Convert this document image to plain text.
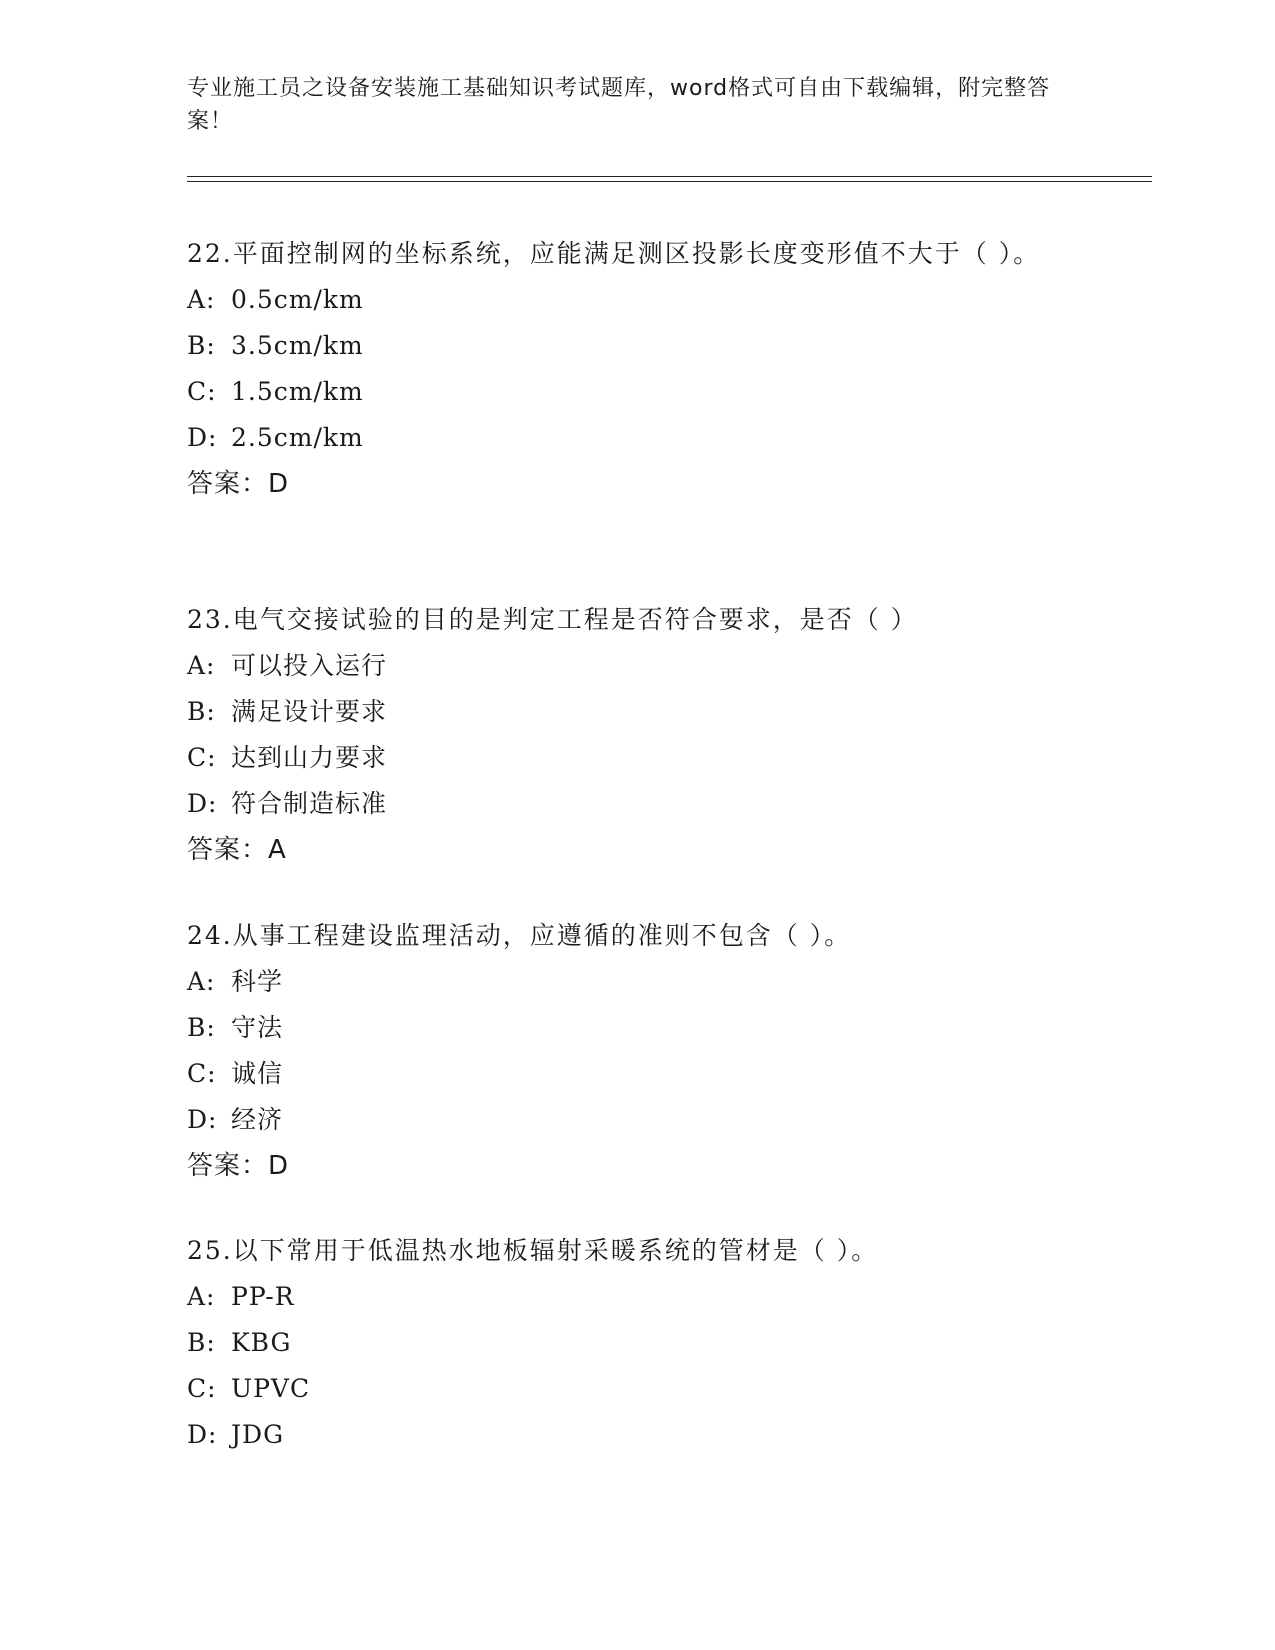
专业施工员之设备安装施工基础知识考试题库，word格式可自由下载编辑，附完整答案！

22.平面控制网的坐标系统，应能满足测区投影长度变形值不大于（ ）。

A: 0.5cm/km

B: 3.5cm/km

C: 1.5cm/km

D: 2.5cm/km

答案：D

23.电气交接试验的目的是判定工程是否符合要求，是否（ ）

A: 可以投入运行

B: 满足设计要求

C: 达到山力要求

D: 符合制造标准

答案：A

24.从事工程建设监理活动，应遵循的准则不包含（ ）。

A: 科学

B: 守法

C: 诚信

D: 经济

答案：D

25.以下常用于低温热水地板辐射采暖系统的管材是（ ）。

A: PP-R

B: KBG

C: UPVC

D: JDG
